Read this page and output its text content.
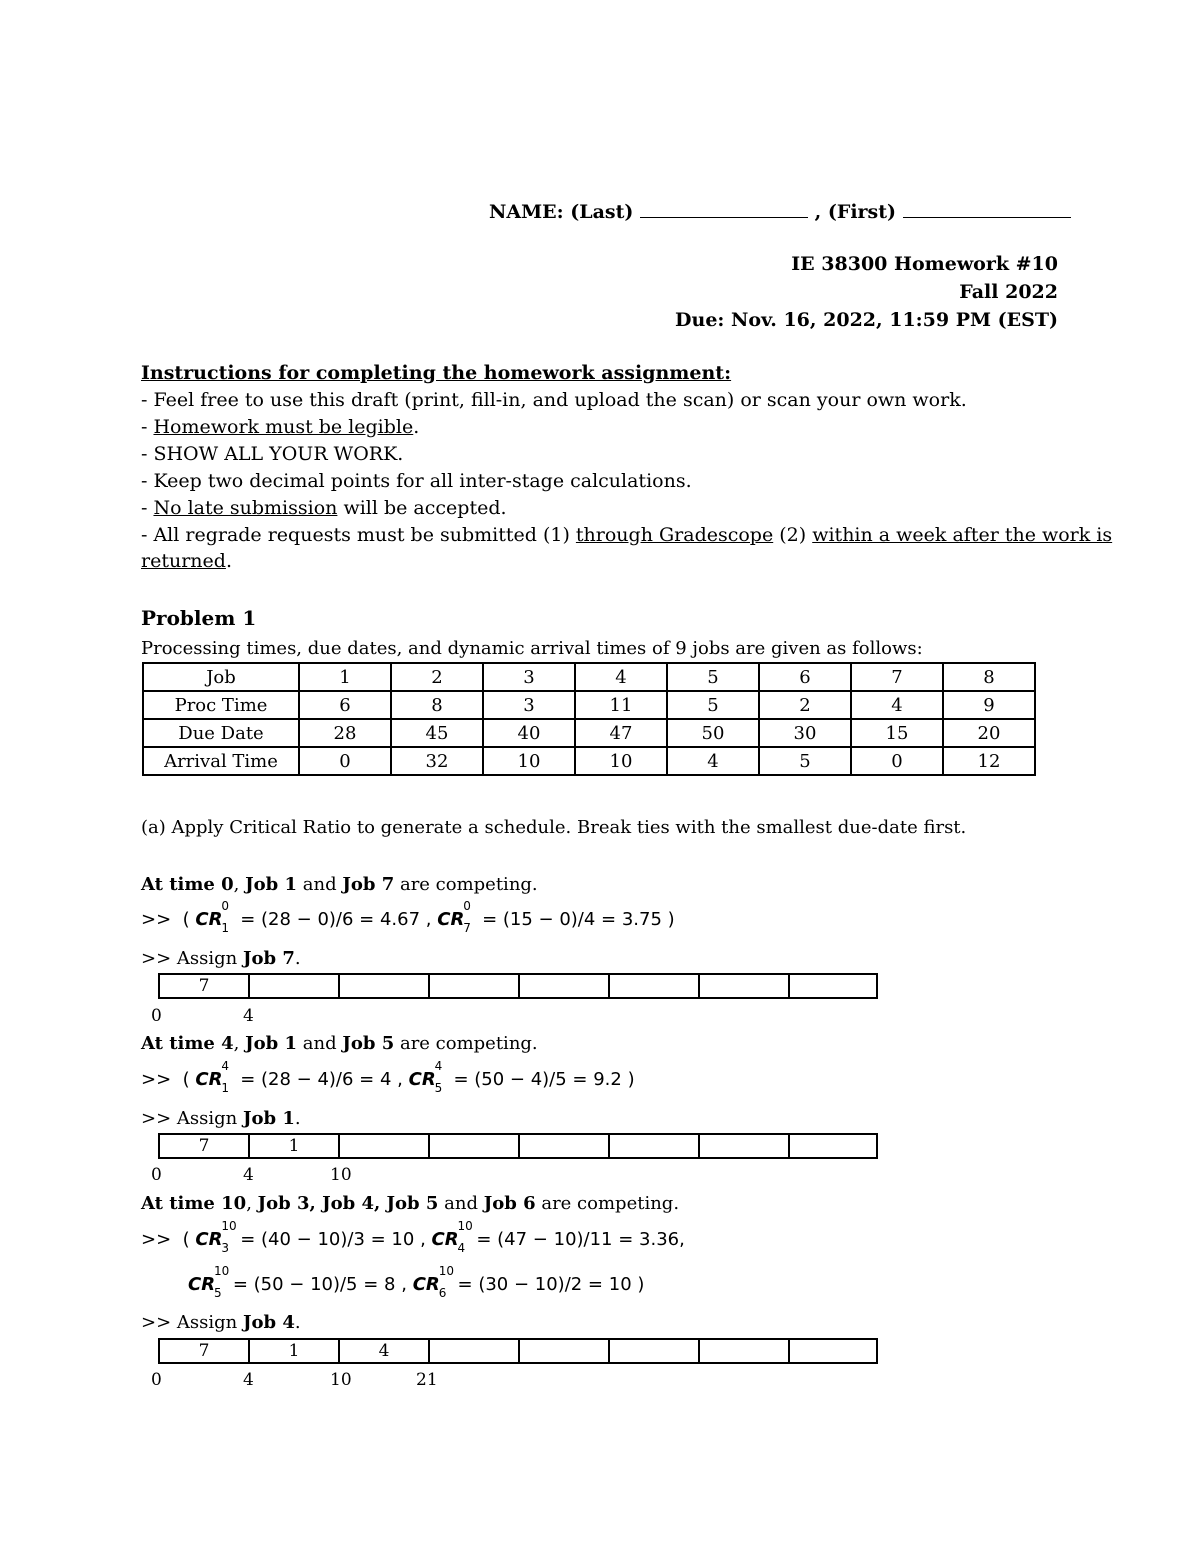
NAME: (Last)	, (First)
IE 38300 Homework #10
Fall 2022
Due: Nov. 16, 2022, 11:59 PM (EST)
Instructions for completing the homework assignment:
- Feel free to use this draft (print, fill-in, and upload the scan) or scan your own work.
- Homework must be legible.
- SHOW ALL YOUR WORK.
- Keep two decimal points for all inter-stage calculations.
- No late submission will be accepted.
- All regrade requests must be submitted (1) through Gradescope (2) within a week after the work is
returned.
Problem 1
Processing times, due dates, and dynamic arrival times of 9 jobs are given as follows:
Job	1	2	3	4	5	6	7	8
Proc Time	6	8	3	11	5	2	4	9
Due Date	28	45	40	47	50	30	15	20
Arrival Time	0	32	10	10	4	5	0	12
(a) Apply Critical Ratio to generate a schedule. Break ties with the smallest due-date first.
At time 0, Job 1 and Job 7 are competing.
>> ( CR
0
1 = (28 − 0)/6 = 4.67 , CR
0
7 = (15 − 0)/4 = 3.75 )
>> Assign Job 7.
7
0	4
At time 4, Job 1 and Job 5 are competing.
>> ( CR
4
1 = (28 − 4)/6 = 4 , CR
4
5 = (50 − 4)/5 = 9.2 )
>> Assign Job 1.
7	1
0	4	10
At time 10, Job 3, Job 4, Job 5 and Job 6 are competing.
>> ( CR
10
3 = (40 − 10)/3 = 10 , CR
10
4 = (47 − 10)/11 = 3.36,
CR
10
5 = (50 − 10)/5 = 8 , CR
10
6 = (30 − 10)/2 = 10 )
>> Assign Job 4.
7	1	4
0	4	10	21
